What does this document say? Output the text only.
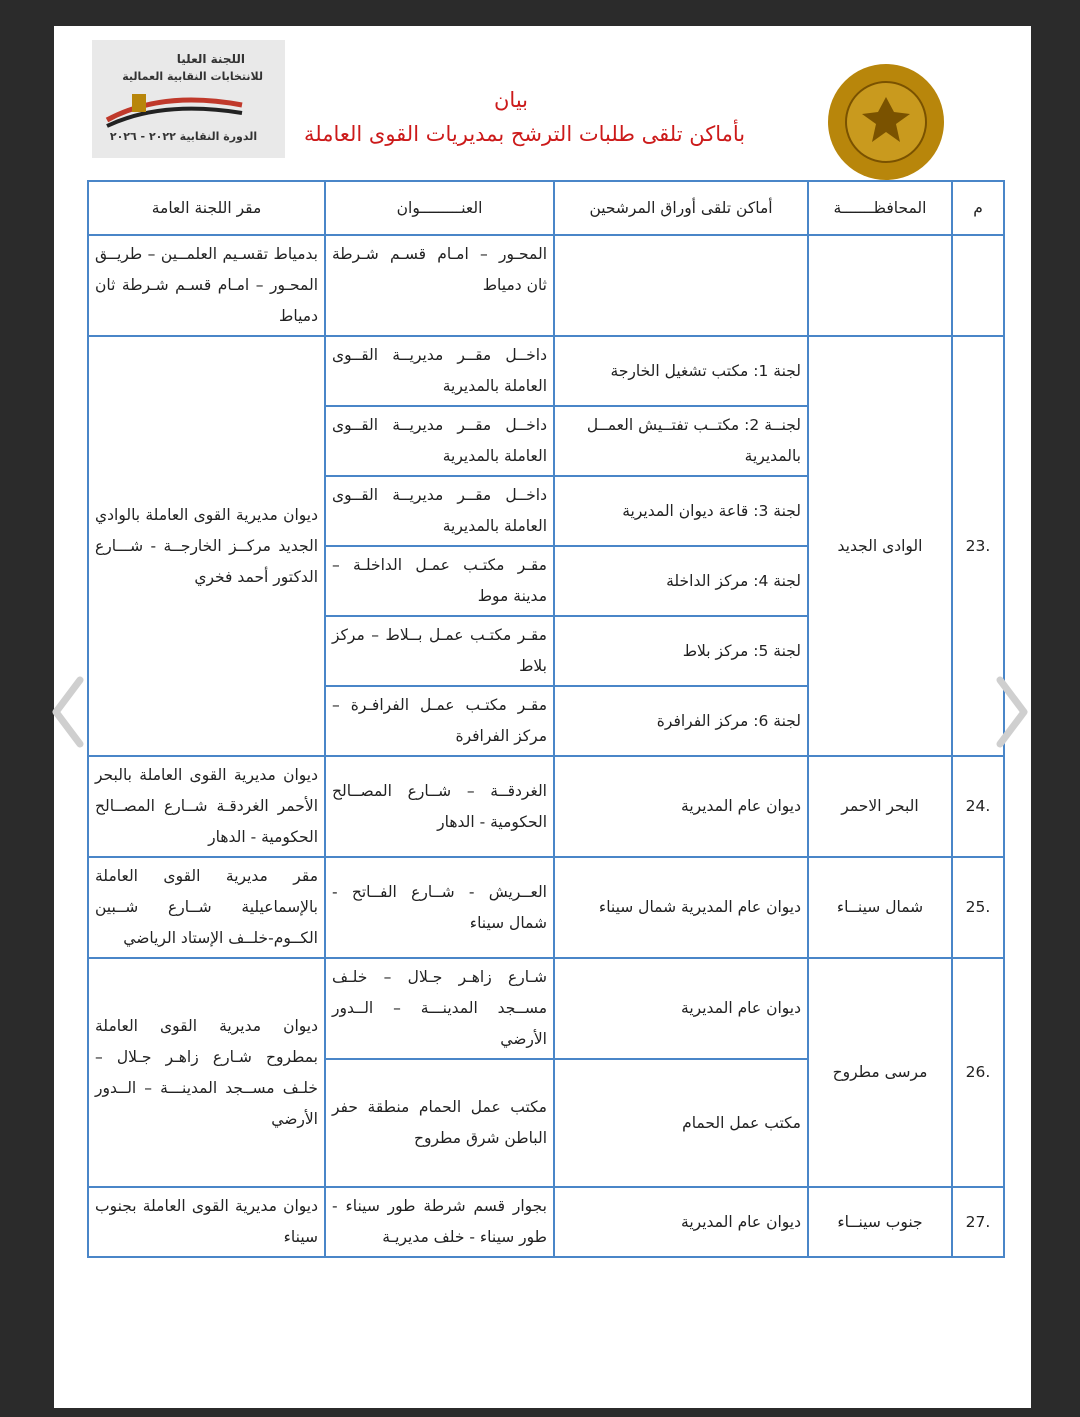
اللجنة العليا
للانتخابات النقابية العمالية
الدورة النقابية ٢٠٢٢ - ٢٠٢٦
بيان
بأماكن تلقى طلبات الترشح بمديريات القوى العاملة
م	المحافظـــــــة	أماكن تلقى أوراق المرشحين	العنـــــــــوان	مقر اللجنة العامة
			المحـور – امـام قسـم شـرطة ثان دمياط	بدمياط تقسـيم العلمــين – طريــق المحـور – امـام قسـم شـرطة ثان دمياط
.23	الوادى الجديد	لجنة 1: مكتب تشغيل الخارجة	داخــل مقــر مديريــة القــوى العاملة بالمديرية	ديوان مديرية القوى العاملة بالوادي الجديد مركــز الخارجــة - شـــارع الدكتور أحمد فخري
		لجنــة 2: مكتــب تفتــيش العمــل بالمديرية	داخــل مقــر مديريــة القــوى العاملة بالمديرية	
		لجنة 3: قاعة ديوان المديرية	داخــل مقــر مديريــة القــوى العاملة بالمديرية	
		لجنة 4: مركز الداخلة	مقـر مكتـب عمـل الداخلـة – مدينة موط	
		لجنة 5: مركز بلاط	مقـر مكتـب عمـل بــلاط – مركز بلاط	
		لجنة 6: مركز الفرافرة	مقـر مكتـب عمـل الفرافـرة – مركز الفرافرة	
.24	البحر الاحمر	ديوان عام المديرية	الغردقــة – شــارع المصــالح الحكومية - الدهار	ديوان مديرية القوى العاملة بالبحر الأحمر الغردقـة شــارع المصــالح الحكومية - الدهار
.25	شمال سينــاء	ديوان عام المديرية شمال سيناء	العــريش - شــارع الفــاتح - شمال سيناء	مقر مديرية القوى العاملة بالإسماعيلية شــارع شــبين الكــوم-خلــف الإستاد الرياضي
.26	مرسى مطروح	ديوان عام المديرية	شـارع زاهـر جـلال – خلـف مســجد المدينـــة – الــدور الأرضي	ديوان مديرية القوى العاملة بمطروح شـارع زاهـر جـلال – خلـف مســجد المدينـــة – الــدور الأرضي
		مكتب عمل الحمام	مكتب عمل الحمام منطقة حفر الباطن شرق مطروح	
.27	جنوب سينــاء	ديوان عام المديرية	بجوار قسم شرطة طور سيناء - طور سيناء - خلف مديريـة	ديوان مديرية القوى العاملة بجنوب سيناء
